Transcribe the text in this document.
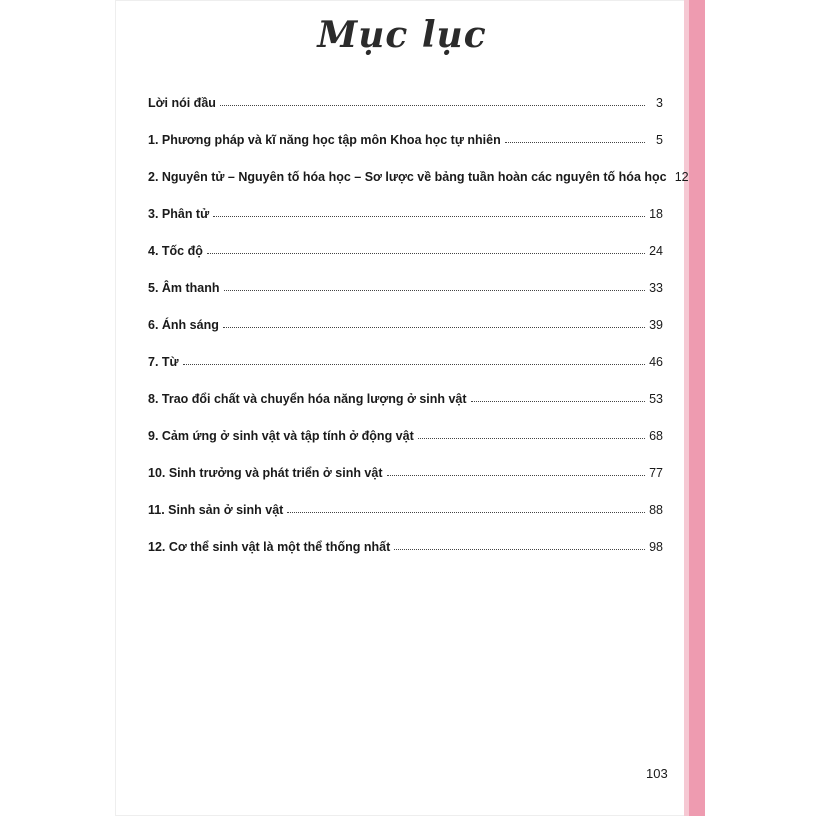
Mục lục
Lời nói đầu	3
1. Phương pháp và kĩ năng học tập môn Khoa học tự nhiên	5
2. Nguyên tử – Nguyên tố hóa học – Sơ lược về bảng tuần hoàn các nguyên tố hóa học 12
3. Phân tử	18
4. Tốc độ	24
5. Âm thanh	33
6. Ánh sáng	39
7. Từ	46
8. Trao đổi chất và chuyển hóa năng lượng ở sinh vật	53
9. Cảm ứng ở sinh vật và tập tính ở động vật	68
10. Sinh trưởng và phát triển ở sinh vật	77
11. Sinh sản ở sinh vật	88
12. Cơ thể sinh vật là một thể thống nhất	98
103
